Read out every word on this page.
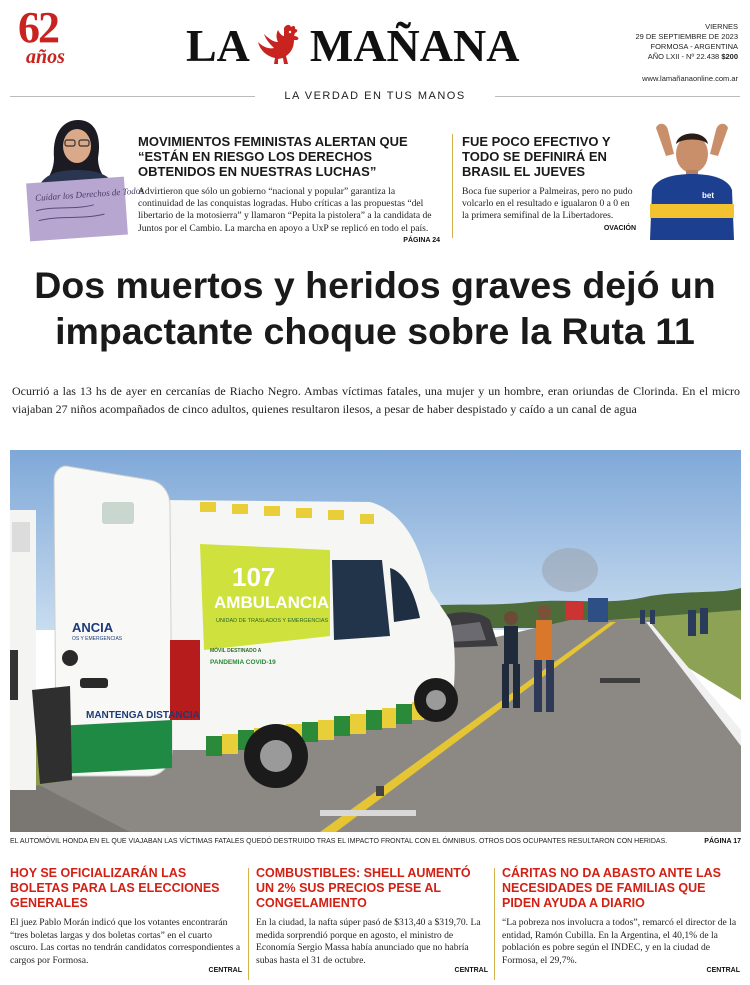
62
años	LA MAÑANA	VIERNES
29 DE SEPTIEMBRE DE 2023
FORMOSA - ARGENTINA
AÑO LXII - Nº 22.438 $200
www.lamañanaonline.com.ar
LA VERDAD EN TUS MANOS
Cuidar los Derechos de Todos
MOVIMIENTOS FEMINISTAS ALERTAN QUE “ESTÁN EN RIESGO LOS DERECHOS OBTENIDOS EN NUESTRAS LUCHAS”
Advirtieron que sólo un gobierno “nacional y popular” garantiza la continuidad de las conquistas logradas. Hubo críticas a las propuestas “del libertario de la motosierra” y llamaron “Pepita la pistolera” a la candidata de Juntos por el Cambio. La marcha en apoyo a UxP se replicó en todo el país.
PÁGINA 24
FUE POCO EFECTIVO Y TODO SE DEFINIRÁ EN BRASIL EL JUEVES
Boca fue superior a Palmeiras, pero no pudo volcarlo en el resultado e igualaron 0 a 0 en la primera semifinal de la Libertadores.
OVACIÓN
bet
Dos muertos y heridos graves dejó un impactante choque sobre la Ruta 11
Ocurrió a las 13 hs de ayer en cercanías de Riacho Negro. Ambas víctimas fatales, una mujer y un hombre, eran oriundas de Clorinda. En el micro viajaban 27 niños acompañados de cinco adultos, quienes resultaron ilesos, a pesar de haber despistado y caído a un canal de agua
107
AMBULANCIA
UNIDAD DE TRASLADOS Y EMERGENCIAS
MÓVIL DESTINADO A
PANDEMIA COVID-19
ANCIA
OS Y EMERGENCIAS
MANTENGA DISTANCIA
EL AUTOMÓVIL HONDA EN EL QUE VIAJABAN LAS VÍCTIMAS FATALES QUEDÓ DESTRUIDO TRAS EL IMPACTO FRONTAL CON EL ÓMNIBUS. OTROS DOS OCUPANTES RESULTARON CON HERIDAS.	PÁGINA 17
HOY SE OFICIALIZARÁN LAS BOLETAS PARA LAS ELECCIONES GENERALES
El juez Pablo Morán indicó que los votantes encontrarán “tres boletas largas y dos boletas cortas” en el cuarto oscuro. Las cortas no tendrán candidatos correspondientes a cargos por Formosa.
CENTRAL
COMBUSTIBLES: SHELL AUMENTÓ UN 2% SUS PRECIOS PESE AL CONGELAMIENTO
En la ciudad, la nafta súper pasó de $313,40 a $319,70. La medida sorprendió porque en agosto, el ministro de Economía Sergio Massa había anunciado que no habría subas hasta el 31 de octubre.
CENTRAL
CÁRITAS NO DA ABASTO ANTE LAS NECESIDADES DE FAMILIAS QUE PIDEN AYUDA A DIARIO
“La pobreza nos involucra a todos”, remarcó el director de la entidad, Ramón Cubilla. En la Argentina, el 40,1% de la población es pobre según el INDEC, y en la ciudad de Formosa, el 29,7%.
CENTRAL
